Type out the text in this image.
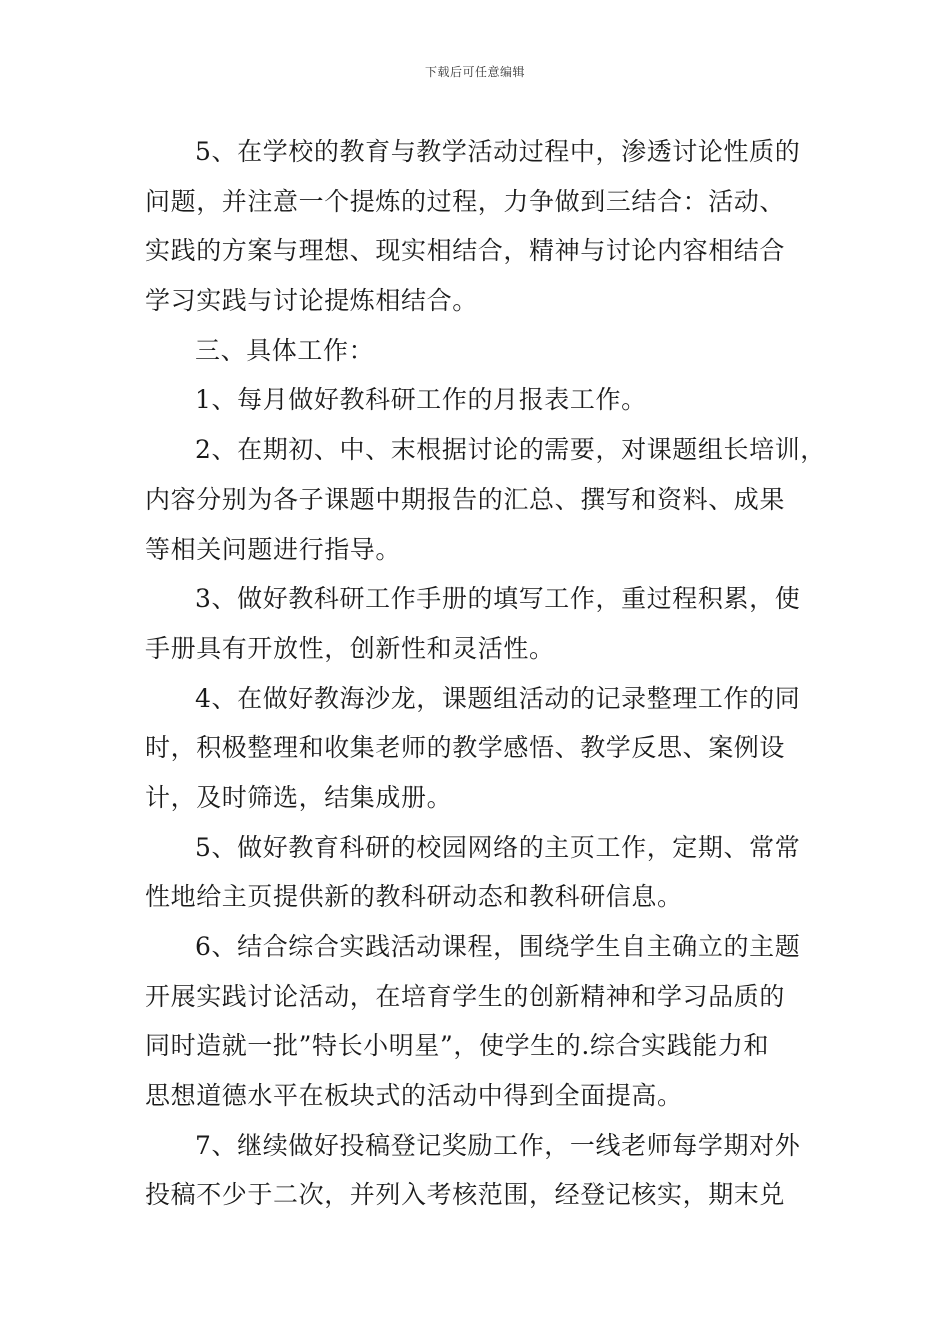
下载后可任意编辑
5、在学校的教育与教学活动过程中，渗透讨论性质的
问题，并注意一个提炼的过程，力争做到三结合：活动、
实践的方案与理想、现实相结合，精神与讨论内容相结合
学习实践与讨论提炼相结合。
三、具体工作：
1、每月做好教科研工作的月报表工作。
2、在期初、中、末根据讨论的需要，对课题组长培训，
内容分别为各子课题中期报告的汇总、撰写和资料、成果
等相关问题进行指导。
3、做好教科研工作手册的填写工作，重过程积累，使
手册具有开放性，创新性和灵活性。
4、在做好教海沙龙，课题组活动的记录整理工作的同
时，积极整理和收集老师的教学感悟、教学反思、案例设
计，及时筛选，结集成册。
5、做好教育科研的校园网络的主页工作，定期、常常
性地给主页提供新的教科研动态和教科研信息。
6、结合综合实践活动课程，围绕学生自主确立的主题
开展实践讨论活动，在培育学生的创新精神和学习品质的
同时造就一批”特长小明星”，使学生的.综合实践能力和
思想道德水平在板块式的活动中得到全面提高。
7、继续做好投稿登记奖励工作，一线老师每学期对外
投稿不少于二次，并列入考核范围，经登记核实，期末兑
